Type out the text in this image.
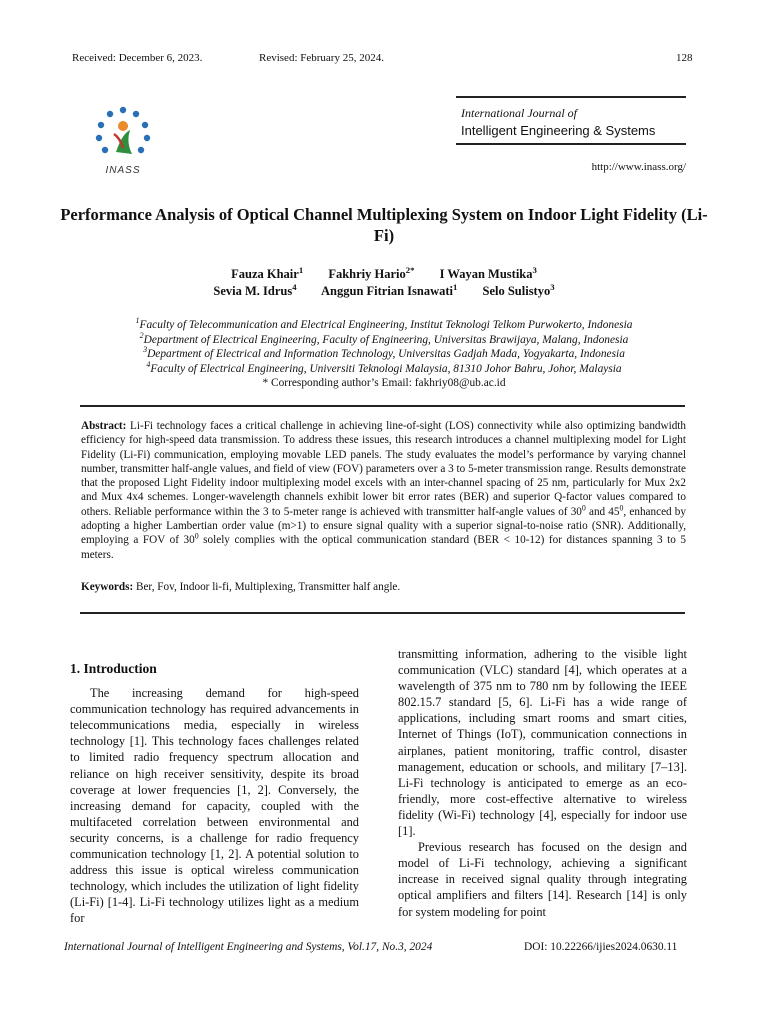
Received: December 6, 2023.	Revised: February 25, 2024.	128
INASS
International Journal of
Intelligent Engineering & Systems
http://www.inass.org/
Performance Analysis of Optical Channel Multiplexing System on Indoor Light Fidelity (Li-Fi)
Fauza Khair$^1$ Fakhriy Hario$^{2*}$ I Wayan Mustika$^3$
Sevia M. Idrus$^4$ Anggun Fitrian Isnawati$^1$ Selo Sulistyo$^3$
$^1$Faculty of Telecommunication and Electrical Engineering, Institut Teknologi Telkom Purwokerto, Indonesia
$^2$Department of Electrical Engineering, Faculty of Engineering, Universitas Brawijaya, Malang, Indonesia
$^3$Department of Electrical and Information Technology, Universitas Gadjah Mada, Yogyakarta, Indonesia
$^4$Faculty of Electrical Engineering, Universiti Teknologi Malaysia, 81310 Johor Bahru, Johor, Malaysia
* Corresponding author’s Email: fakhriy08@ub.ac.id
Abstract: Li-Fi technology faces a critical challenge in achieving line-of-sight (LOS) connectivity while also optimizing bandwidth efficiency for high-speed data transmission. To address these issues, this research introduces a channel multiplexing model for Light Fidelity (Li-Fi) communication, employing movable LED panels. The study evaluates the model’s performance by varying channel number, transmitter half-angle values, and field of view (FOV) parameters over a 3 to 5-meter transmission range. Results demonstrate that the proposed Light Fidelity indoor multiplexing model excels with an inter-channel spacing of 25 nm, particularly for Mux 2x2 and Mux 4x4 schemes. Longer-wavelength channels exhibit lower bit error rates (BER) and superior Q-factor values compared to others. Reliable performance within the 3 to 5-meter range is achieved with transmitter half-angle values of $30^0$ and $45^0$, enhanced by adopting a higher Lambertian order value (m>1) to ensure signal quality with a superior signal-to-noise ratio (SNR). Additionally, employing a FOV of $30^0$ solely complies with the optical communication standard (BER < 10-12) for distances spanning 3 to 5 meters.
Keywords: Ber, Fov, Indoor li-fi, Multiplexing, Transmitter half angle.
1. Introduction

The increasing demand for high-speed communication technology has required advancements in telecommunications media, especially in wireless technology [1]. This technology faces challenges related to limited radio frequency spectrum allocation and reliance on high receiver sensitivity, despite its broad coverage at lower frequencies [1, 2]. Conversely, the increasing demand for capacity, coupled with the multifaceted correlation between environmental and security concerns, is a challenge for radio frequency communication technology [1, 2]. A potential solution to address this issue is optical wireless communication technology, which includes the utilization of light fidelity (Li-Fi) [1-4]. Li-Fi technology utilizes light as a medium for

transmitting information, adhering to the visible light communication (VLC) standard [4], which operates at a wavelength of 375 nm to 780 nm by following the IEEE 802.15.7 standard [5, 6]. Li-Fi has a wide range of applications, including smart rooms and smart cities, Internet of Things (IoT), communication connections in airplanes, patient monitoring, traffic control, disaster management, education or schools, and military [7–13]. Li-Fi technology is anticipated to emerge as an eco-friendly, more cost-effective alternative to wireless fidelity (Wi-Fi) technology [4], especially for indoor use [1].

Previous research has focused on the design and model of Li-Fi technology, achieving a significant increase in received signal quality through integrating optical amplifiers and filters [14]. Research [14] is only for system modeling for point

International Journal of Intelligent Engineering and Systems, Vol.17, No.3, 2024	DOI: 10.22266/ijies2024.0630.11
